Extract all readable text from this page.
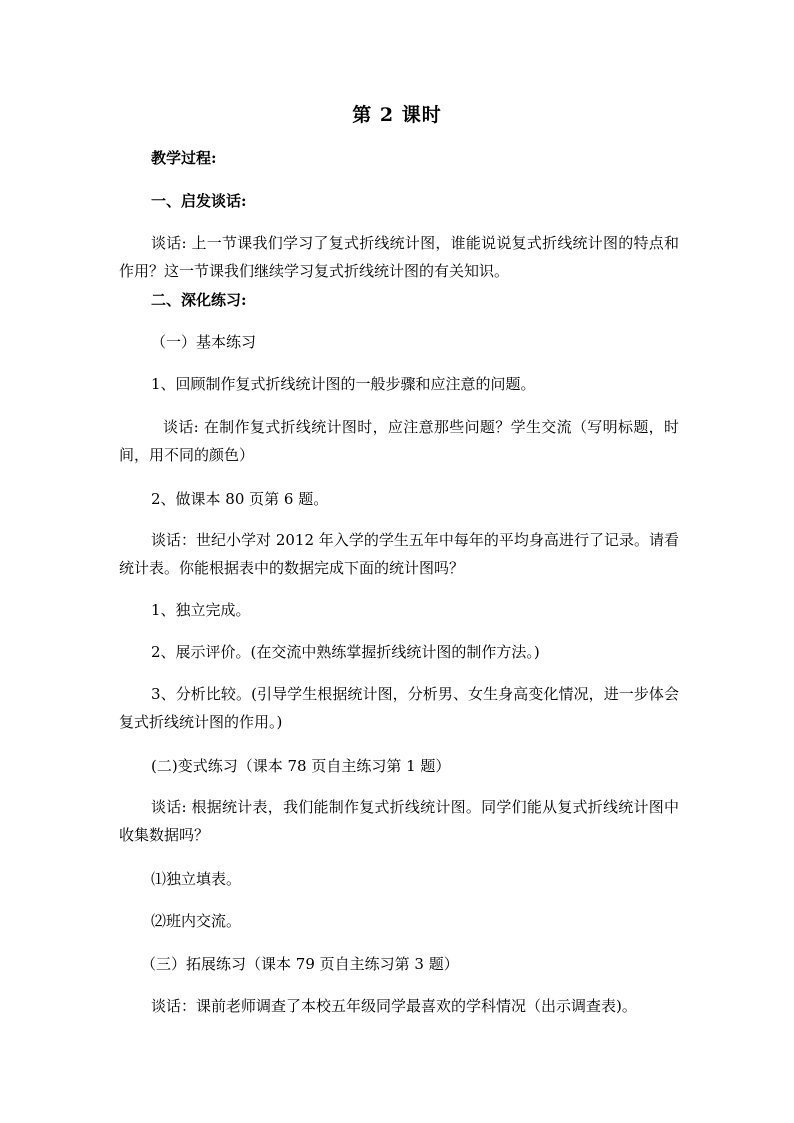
第 2 课时
教学过程:
一、启发谈话:
谈话: 上一节课我们学习了复式折线统计图，谁能说说复式折线统计图的特点和作用？这一节课我们继续学习复式折线统计图的有关知识。
二、深化练习:
（一）基本练习
1、回顾制作复式折线统计图的一般步骤和应注意的问题。
谈话: 在制作复式折线统计图时，应注意那些问题？学生交流（写明标题，时间，用不同的颜色）
2、做课本 80 页第 6 题。
谈话：世纪小学对 2012 年入学的学生五年中每年的平均身高进行了记录。请看统计表。你能根据表中的数据完成下面的统计图吗？
1、独立完成。
2、展示评价。(在交流中熟练掌握折线统计图的制作方法。)
3、分析比较。(引导学生根据统计图，分析男、女生身高变化情况，进一步体会复式折线统计图的作用。)
(二)变式练习（课本 78 页自主练习第 1 题）
谈话: 根据统计表，我们能制作复式折线统计图。同学们能从复式折线统计图中收集数据吗？
⑴独立填表。
⑵班内交流。
（三）拓展练习（课本 79 页自主练习第 3 题）
谈话：课前老师调查了本校五年级同学最喜欢的学科情况（出示调查表)。
